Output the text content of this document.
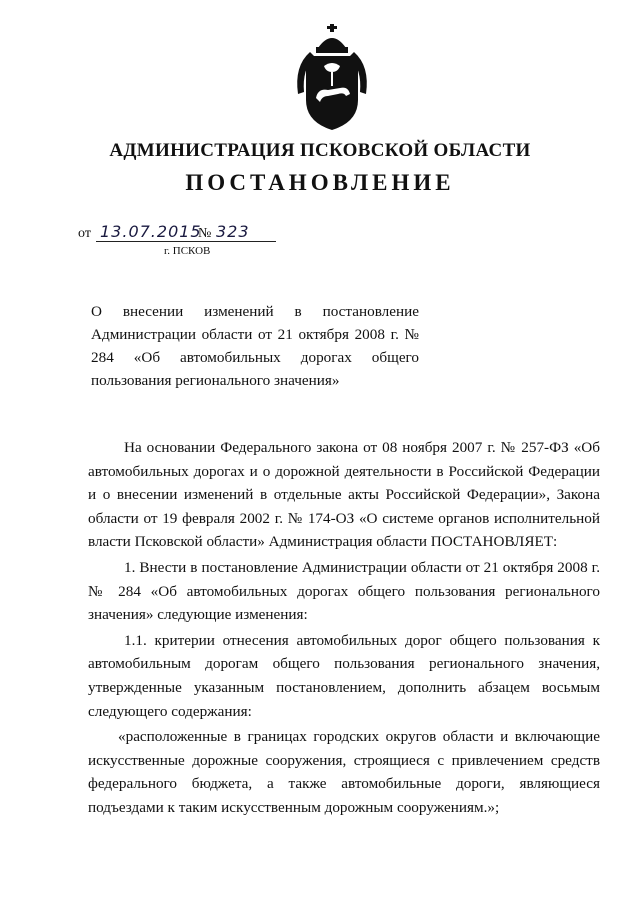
АДМИНИСТРАЦИЯ ПСКОВСКОЙ ОБЛАСТИ
ПОСТАНОВЛЕНИЕ
от 13.07.2015
№ 323
г. ПСКОВ
О внесении изменений в постановление Администрации области от 21 октября 2008 г. № 284 «Об автомобильных дорогах общего пользования регионального значения»

На основании Федерального закона от 08 ноября 2007 г. № 257-ФЗ «Об автомобильных дорогах и о дорожной деятельности в Российской Федерации и о внесении изменений в отдельные акты Российской Федерации», Закона области от 19 февраля 2002 г. № 174-ОЗ «О системе органов исполнительной власти Псковской области» Администрация области ПОСТАНОВЛЯЕТ:

1. Внести в постановление Администрации области от 21 октября 2008 г. № 284 «Об автомобильных дорогах общего пользования регионального значения» следующие изменения:

1.1. критерии отнесения автомобильных дорог общего пользования к автомобильным дорогам общего пользования регионального значения, утвержденные указанным постановлением, дополнить абзацем восьмым следующего содержания:

«расположенные в границах городских округов области и включающие искусственные дорожные сооружения, строящиеся с привлечением средств федерального бюджета, а также автомобильные дороги, являющиеся подъездами к таким искусственным дорожным сооружениям.»;
